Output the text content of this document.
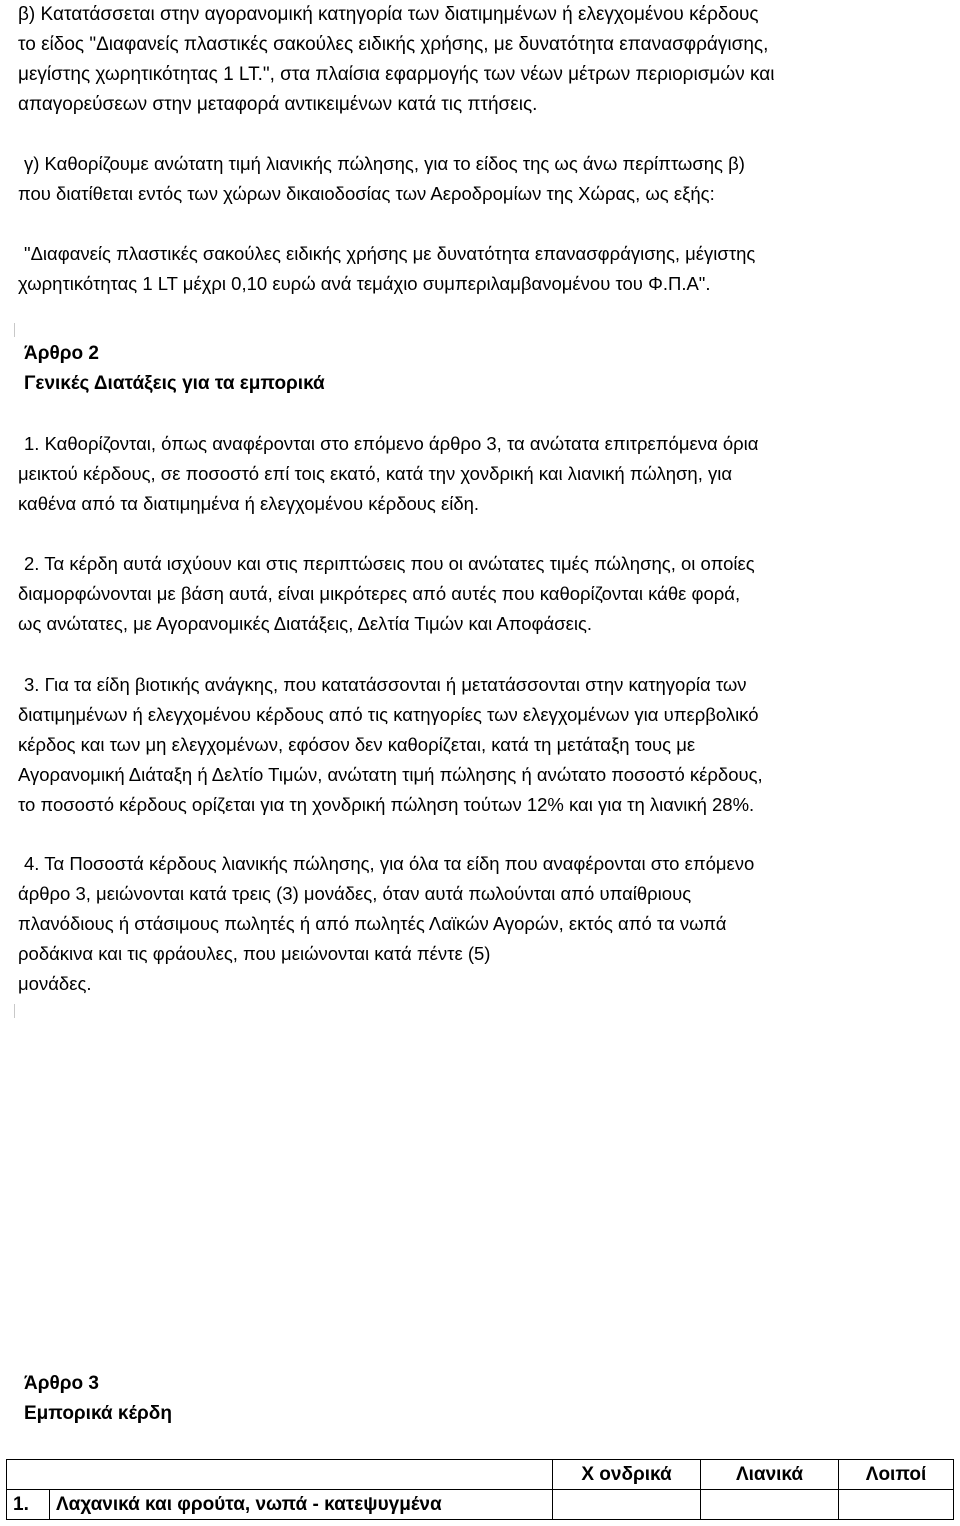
β) Κατατάσσεται στην αγορανομική κατηγορία των διατιμημένων ή ελεγχομένου κέρδους
το είδος "Διαφανείς πλαστικές σακούλες ειδικής χρήσης, με δυνατότητα επανασφράγισης,
μεγίστης χωρητικότητας 1 LT.", στα πλαίσια εφαρμογής των νέων μέτρων περιορισμών και
απαγορεύσεων στην μεταφορά αντικειμένων κατά τις πτήσεις.
γ) Καθορίζουμε ανώτατη τιμή λιανικής πώλησης, για το είδος της ως άνω περίπτωσης β)
που διατίθεται εντός των χώρων δικαιοδοσίας των Αεροδρομίων της Χώρας, ως εξής:
"Διαφανείς πλαστικές σακούλες ειδικής χρήσης με δυνατότητα επανασφράγισης, μέγιστης
χωρητικότητας 1 LT μέχρι 0,10 ευρώ ανά τεμάχιο συμπεριλαμβανομένου του Φ.Π.Α".
Άρθρο 2
Γενικές Διατάξεις για τα εμπορικά
1. Καθορίζονται, όπως αναφέρονται στο επόμενο άρθρο 3, τα ανώτατα επιτρεπόμενα όρια
μεικτού κέρδους, σε ποσοστό επί τοις εκατό, κατά την χονδρική και λιανική πώληση, για
καθένα από τα διατιμημένα ή ελεγχομένου κέρδους είδη.
2. Τα κέρδη αυτά ισχύουν και στις περιπτώσεις που οι ανώτατες τιμές πώλησης, οι οποίες
διαμορφώνονται με βάση αυτά, είναι μικρότερες από αυτές που καθορίζονται κάθε φορά,
ως ανώτατες, με Αγορανομικές Διατάξεις, Δελτία Τιμών και Αποφάσεις.
3. Για τα είδη βιοτικής ανάγκης, που κατατάσσονται ή μετατάσσονται στην κατηγορία των
διατιμημένων ή ελεγχομένου κέρδους από τις κατηγορίες των ελεγχομένων για υπερβολικό
κέρδος και των μη ελεγχομένων, εφόσον δεν καθορίζεται, κατά τη μετάταξη τους με
Αγορανομική Διάταξη ή Δελτίο Τιμών, ανώτατη τιμή πώλησης ή ανώτατο ποσοστό κέρδους,
το ποσοστό κέρδους ορίζεται για τη χονδρική πώληση τούτων 12% και για τη λιανική 28%.
4. Τα Ποσοστά κέρδους λιανικής πώλησης, για όλα τα είδη που αναφέρονται στο επόμενο
άρθρο 3, μειώνονται κατά τρεις (3) μονάδες, όταν αυτά πωλούνται από υπαίθριους
πλανόδιους ή στάσιμους πωλητές ή από πωλητές Λαϊκών Αγορών, εκτός από τα νωπά
ροδάκινα και τις φράουλες, που μειώνονται κατά πέντε (5)
μονάδες.
Άρθρο 3
Εμπορικά κέρδη
		Χ ονδρικά	Λιανικά	Λοιποί
1.	Λαχανικά και φρούτα, νωπά - κατεψυγμένα			
